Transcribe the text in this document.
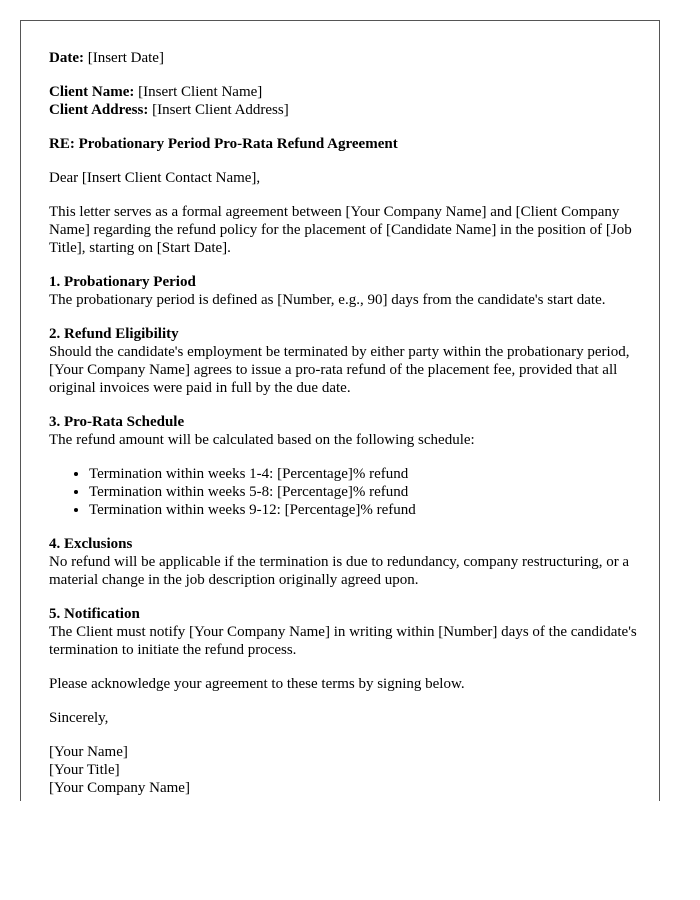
Date: [Insert Date]

Client Name: [Insert Client Name]
Client Address: [Insert Client Address]

RE: Probationary Period Pro-Rata Refund Agreement

Dear [Insert Client Contact Name],

This letter serves as a formal agreement between [Your Company Name] and [Client Company Name] regarding the refund policy for the placement of [Candidate Name] in the position of [Job Title], starting on [Start Date].

1. Probationary Period
The probationary period is defined as [Number, e.g., 90] days from the candidate's start date.

2. Refund Eligibility
Should the candidate's employment be terminated by either party within the probationary period, [Your Company Name] agrees to issue a pro-rata refund of the placement fee, provided that all original invoices were paid in full by the due date.

3. Pro-Rata Schedule
The refund amount will be calculated based on the following schedule:

• Termination within weeks 1-4: [Percentage]% refund
• Termination within weeks 5-8: [Percentage]% refund
• Termination within weeks 9-12: [Percentage]% refund

4. Exclusions
No refund will be applicable if the termination is due to redundancy, company restructuring, or a material change in the job description originally agreed upon.

5. Notification
The Client must notify [Your Company Name] in writing within [Number] days of the candidate's termination to initiate the refund process.

Please acknowledge your agreement to these terms by signing below.

Sincerely,

[Your Name]

[Your Title]

[Your Company Name]
